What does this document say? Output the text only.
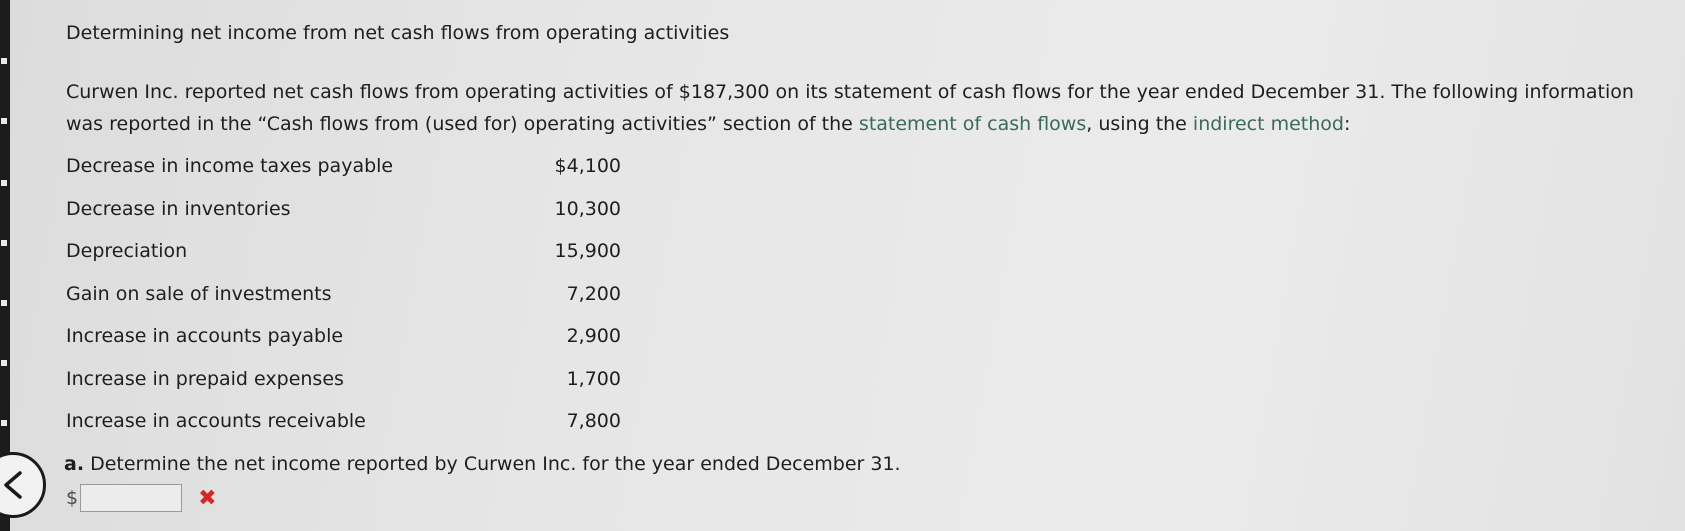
Determining net income from net cash flows from operating activities
Curwen Inc. reported net cash flows from operating activities of $187,300 on its statement of cash flows for the year ended December 31. The following information was reported in the “Cash flows from (used for) operating activities” section of the statement of cash flows, using the indirect method:
Decrease in income taxes payable	$4,100
Decrease in inventories	10,300
Depreciation	15,900
Gain on sale of investments	7,200
Increase in accounts payable	2,900
Increase in prepaid expenses	1,700
Increase in accounts receivable	7,800
a. Determine the net income reported by Curwen Inc. for the year ended December 31.
$	✖
